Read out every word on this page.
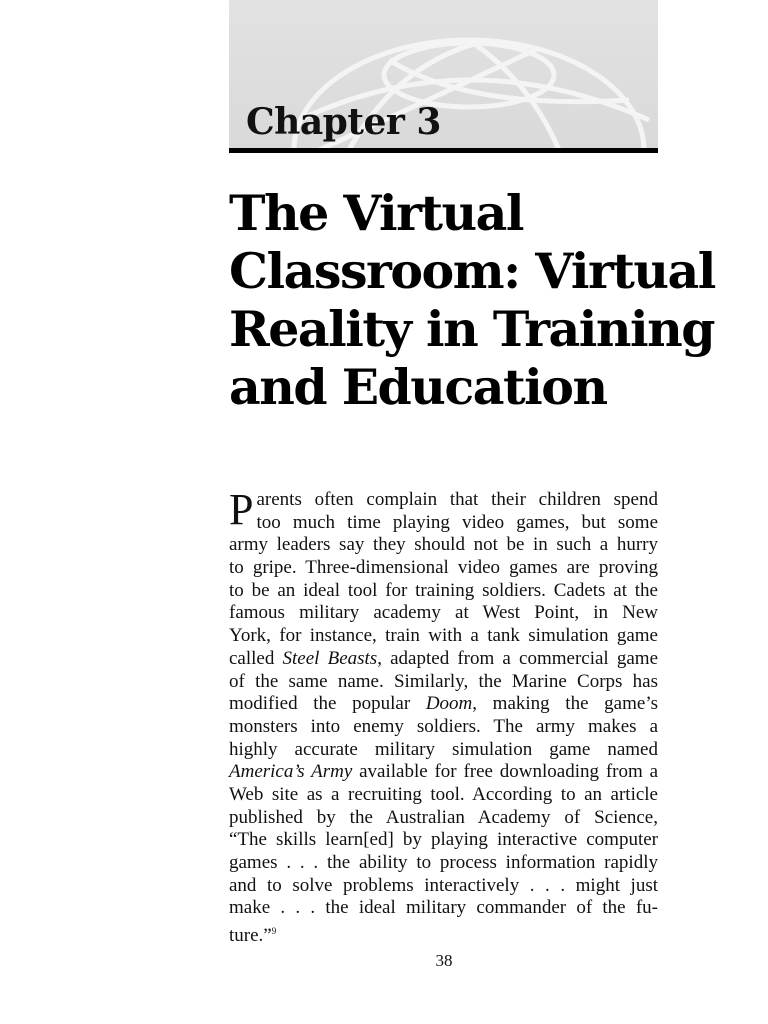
Chapter 3
The Virtual
Classroom: Virtual
Reality in Training
and Education
P arents often complain that their children spend
too much time playing video games, but some
army leaders say they should not be in such a hurry
to gripe. Three-dimensional video games are proving
to be an ideal tool for training soldiers. Cadets at the
famous military academy at West Point, in New
York, for instance, train with a tank simulation game
called Steel Beasts, adapted from a commercial game
of the same name. Similarly, the Marine Corps has
modified the popular Doom, making the game’s
monsters into enemy soldiers. The army makes a
highly accurate military simulation game named
America’s Army available for free downloading from a
Web site as a recruiting tool. According to an article
published by the Australian Academy of Science,
“The skills learn[ed] by playing interactive computer
games . . . the ability to process information rapidly
and to solve problems interactively . . . might just
make . . . the ideal military commander of the fu-
ture.”$^9$
38
